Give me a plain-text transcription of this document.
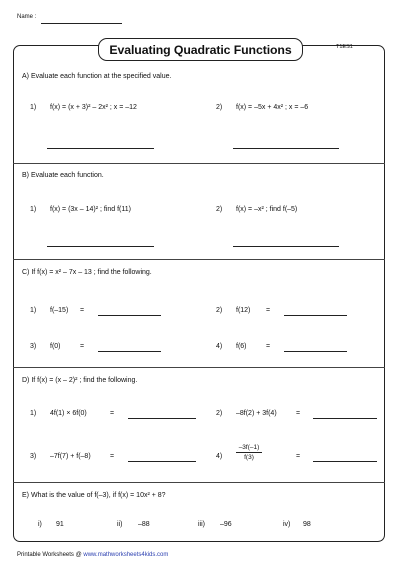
Name :
Evaluating Quadratic Functions	T1ES1
A) Evaluate each function at the specified value.
1) f(x) = (x + 3)² – 2x² ; x = –12	2) f(x) = –5x + 4x² ; x = –6
B) Evaluate each function.
1) f(x) = (3x – 14)² ; find f(11)	2) f(x) = –x² ; find f(–5)
C) If f(x) = x² – 7x – 13 ; find the following.
1) f(–15) =	2) f(12) =
3) f(0)	=	4) f(6)	=
D) If f(x) = (x – 2)² ; find the following.
1) 4f(1) × 6f(0)	=	2) –8f(2) + 3f(4)	=
3) –7f(7) + f(–8)	=	$4) \frac{-3f(-1)}{f(3)}$	=
E) What is the value of f(–3), if f(x) = 10x² + 8?
i) 91	ii) –88	iii) –96	iv) 98
Printable Worksheets @ www.mathworksheets4kids.com
